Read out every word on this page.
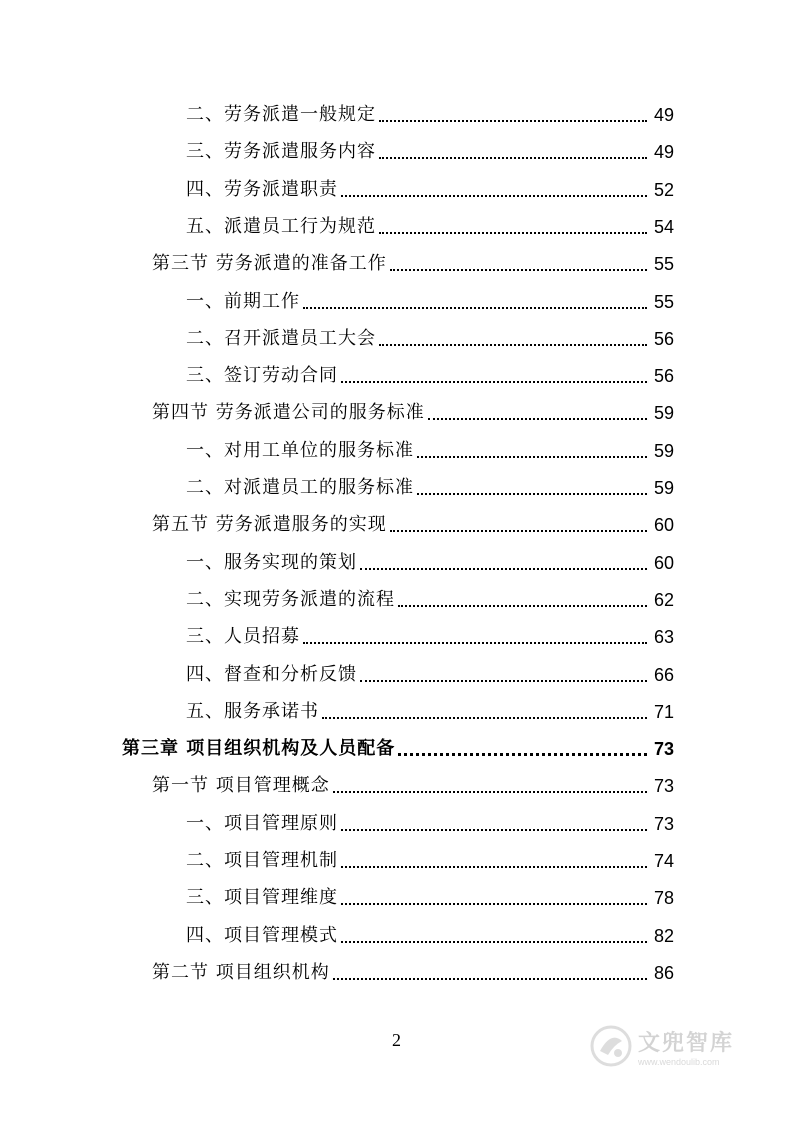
二、劳务派遣一般规定	49
三、劳务派遣服务内容	49
四、劳务派遣职责	52
五、派遣员工行为规范	54
第三节 劳务派遣的准备工作	55
一、前期工作	55
二、召开派遣员工大会	56
三、签订劳动合同	56
第四节 劳务派遣公司的服务标准	59
一、对用工单位的服务标准	59
二、对派遣员工的服务标准	59
第五节 劳务派遣服务的实现	60
一、服务实现的策划	60
二、实现劳务派遣的流程	62
三、人员招募	63
四、督查和分析反馈	66
五、服务承诺书	71
第三章 项目组织机构及人员配备	73
第一节 项目管理概念	73
一、项目管理原则	73
二、项目管理机制	74
三、项目管理维度	78
四、项目管理模式	82
第二节 项目组织机构	86
2	文兜智库
www.wendoulib.com
